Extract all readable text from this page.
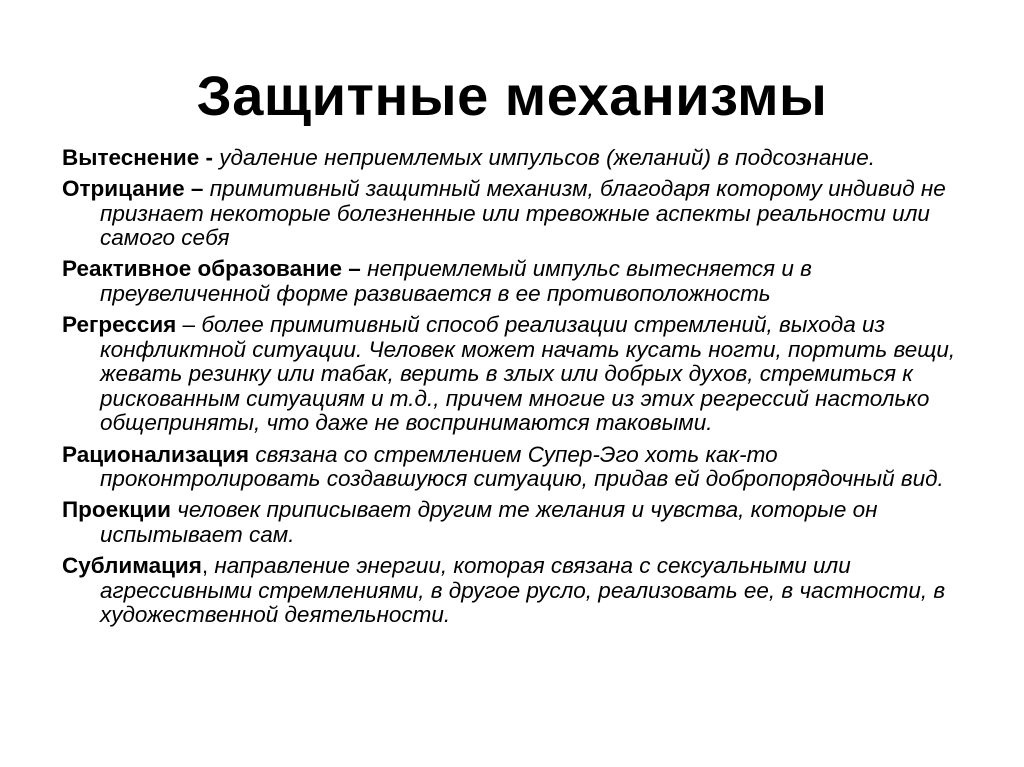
Защитные механизмы
Вытеснение - удаление неприемлемых импульсов (желаний) в подсознание.
Отрицание – примитивный защитный механизм, благодаря которому индивид не признает некоторые болезненные или тревожные аспекты реальности или самого себя
Реактивное образование – неприемлемый импульс вытесняется и в преувеличенной форме развивается в ее противоположность
Регрессия – более примитивный способ реализации стремлений, выхода из конфликтной ситуации. Человек может начать кусать ногти, портить вещи, жевать резинку или табак, верить в злых или добрых духов, стремиться к рискованным ситуациям и т.д., причем многие из этих регрессий настолько общеприняты, что даже не воспринимаются таковыми.
Рационализация связана со стремлением Супер-Эго хоть как-то проконтролировать создавшуюся ситуацию, придав ей добропорядочный вид.
Проекции человек приписывает другим те желания и чувства, которые он испытывает сам.
Сублимация, направление энергии, которая связана с сексуальными или агрессивными стремлениями, в другое русло, реализовать ее, в частности, в художественной деятельности.
